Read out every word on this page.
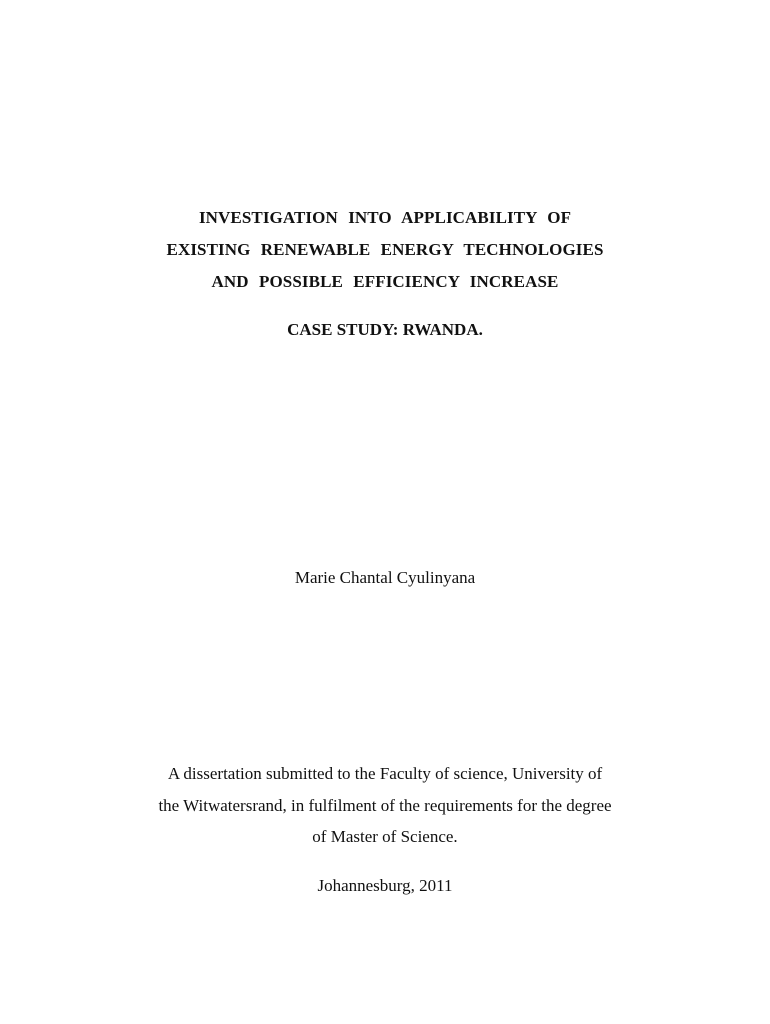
INVESTIGATION INTO APPLICABILITY OF
EXISTING RENEWABLE ENERGY TECHNOLOGIES
AND POSSIBLE EFFICIENCY INCREASE
CASE STUDY: RWANDA.
Marie Chantal Cyulinyana
A dissertation submitted to the Faculty of science, University of
the Witwatersrand, in fulfilment of the requirements for the degree
of Master of Science.
Johannesburg, 2011
